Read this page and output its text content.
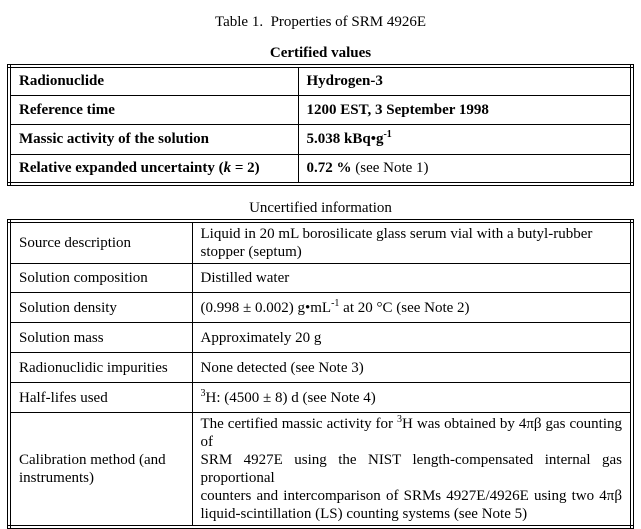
Table 1.  Properties of SRM 4926E
Certified values
Radionuclide	Hydrogen-3
Reference time	1200 EST, 3 September 1998
Massic activity of the solution	5.038 $kBq•g^{-1}$
Relative expanded uncertainty (k = 2)	0.72 % (see Note 1)
Uncertified information
Source description	Liquid in 20 mL borosilicate glass serum vial with a butyl-rubber
stopper (septum)

Solution composition	Distilled water
Solution density	(0.998 ± 0.002) $g•mL^{-1}$ at 20 °C (see Note 2)
Solution mass	Approximately 20 g
Radionuclidic impurities	None detected (see Note 3)
Half-lifes used	$^3$H: (4500 ± 8) d (see Note 4)
Calibration method (and instruments)	The certified massic activity for $^3$H was obtained by 4πβ gas counting of
SRM 4927E using the NIST length-compensated internal gas proportional
counters and intercomparison of SRMs 4927E/4926E using two 4πβ
liquid-scintillation (LS) counting systems (see Note 5)
